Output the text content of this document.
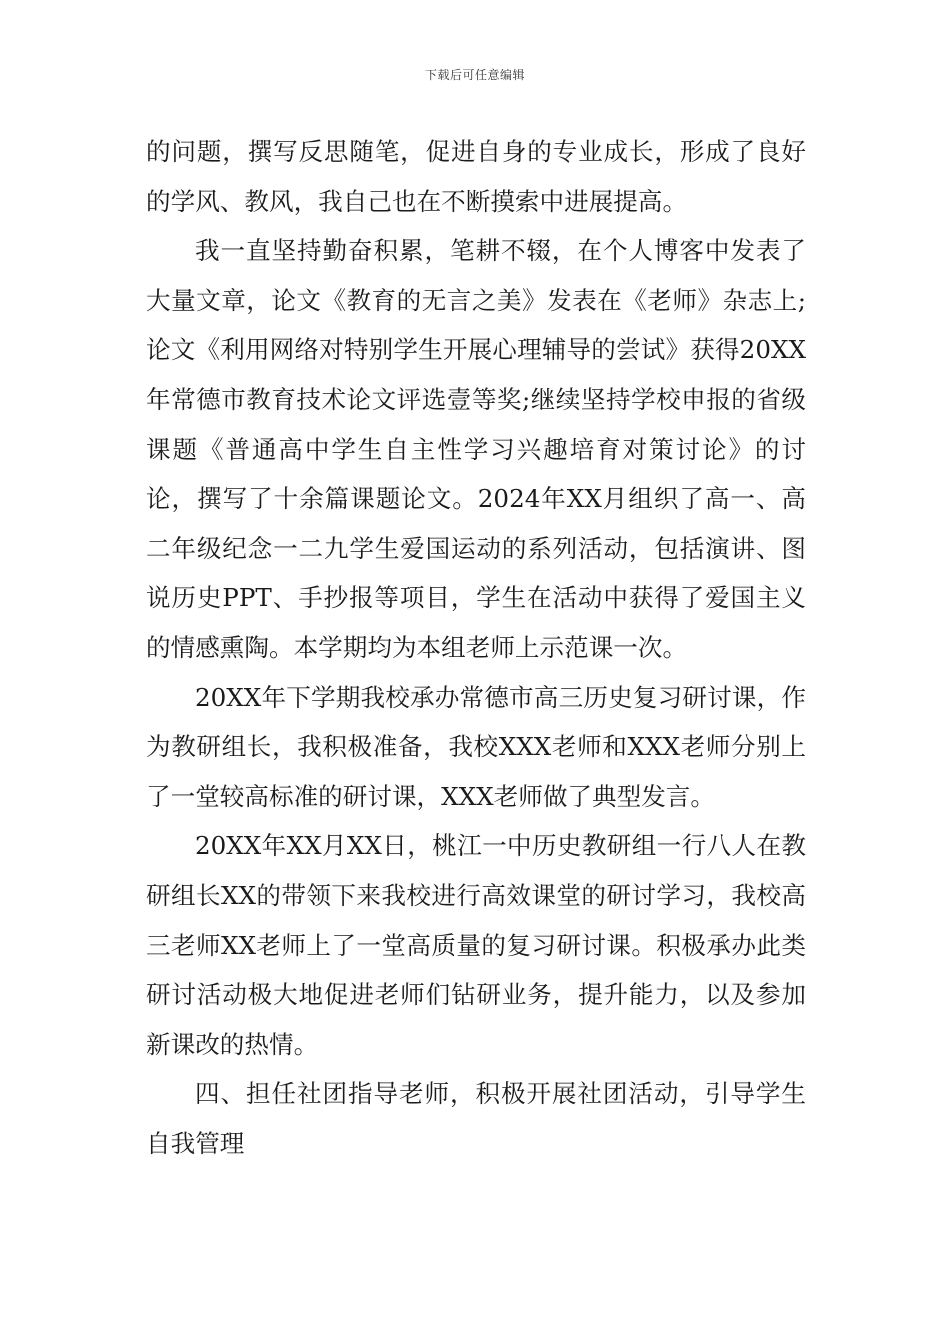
下载后可任意编辑

的问题，撰写反思随笔，促进自身的专业成长，形成了良好的学风、教风，我自己也在不断摸索中进展提高。

我一直坚持勤奋积累，笔耕不辍，在个人博客中发表了大量文章，论文《教育的无言之美》发表在《老师》杂志上;论文《利用网络对特别学生开展心理辅导的尝试》获得20XX年常德市教育技术论文评选壹等奖;继续坚持学校申报的省级课题《普通高中学生自主性学习兴趣培育对策讨论》的讨论，撰写了十余篇课题论文。2024年XX月组织了高一、高二年级纪念一二九学生爱国运动的系列活动，包括演讲、图说历史PPT、手抄报等项目，学生在活动中获得了爱国主义的情感熏陶。本学期均为本组老师上示范课一次。

20XX年下学期我校承办常德市高三历史复习研讨课，作为教研组长，我积极准备，我校XXX老师和XXX老师分别上了一堂较高标准的研讨课，XXX老师做了典型发言。

20XX年XX月XX日，桃江一中历史教研组一行八人在教研组长XX的带领下来我校进行高效课堂的研讨学习，我校高三老师XX老师上了一堂高质量的复习研讨课。积极承办此类研讨活动极大地促进老师们钻研业务，提升能力，以及参加新课改的热情。

四、担任社团指导老师，积极开展社团活动，引导学生自我管理
